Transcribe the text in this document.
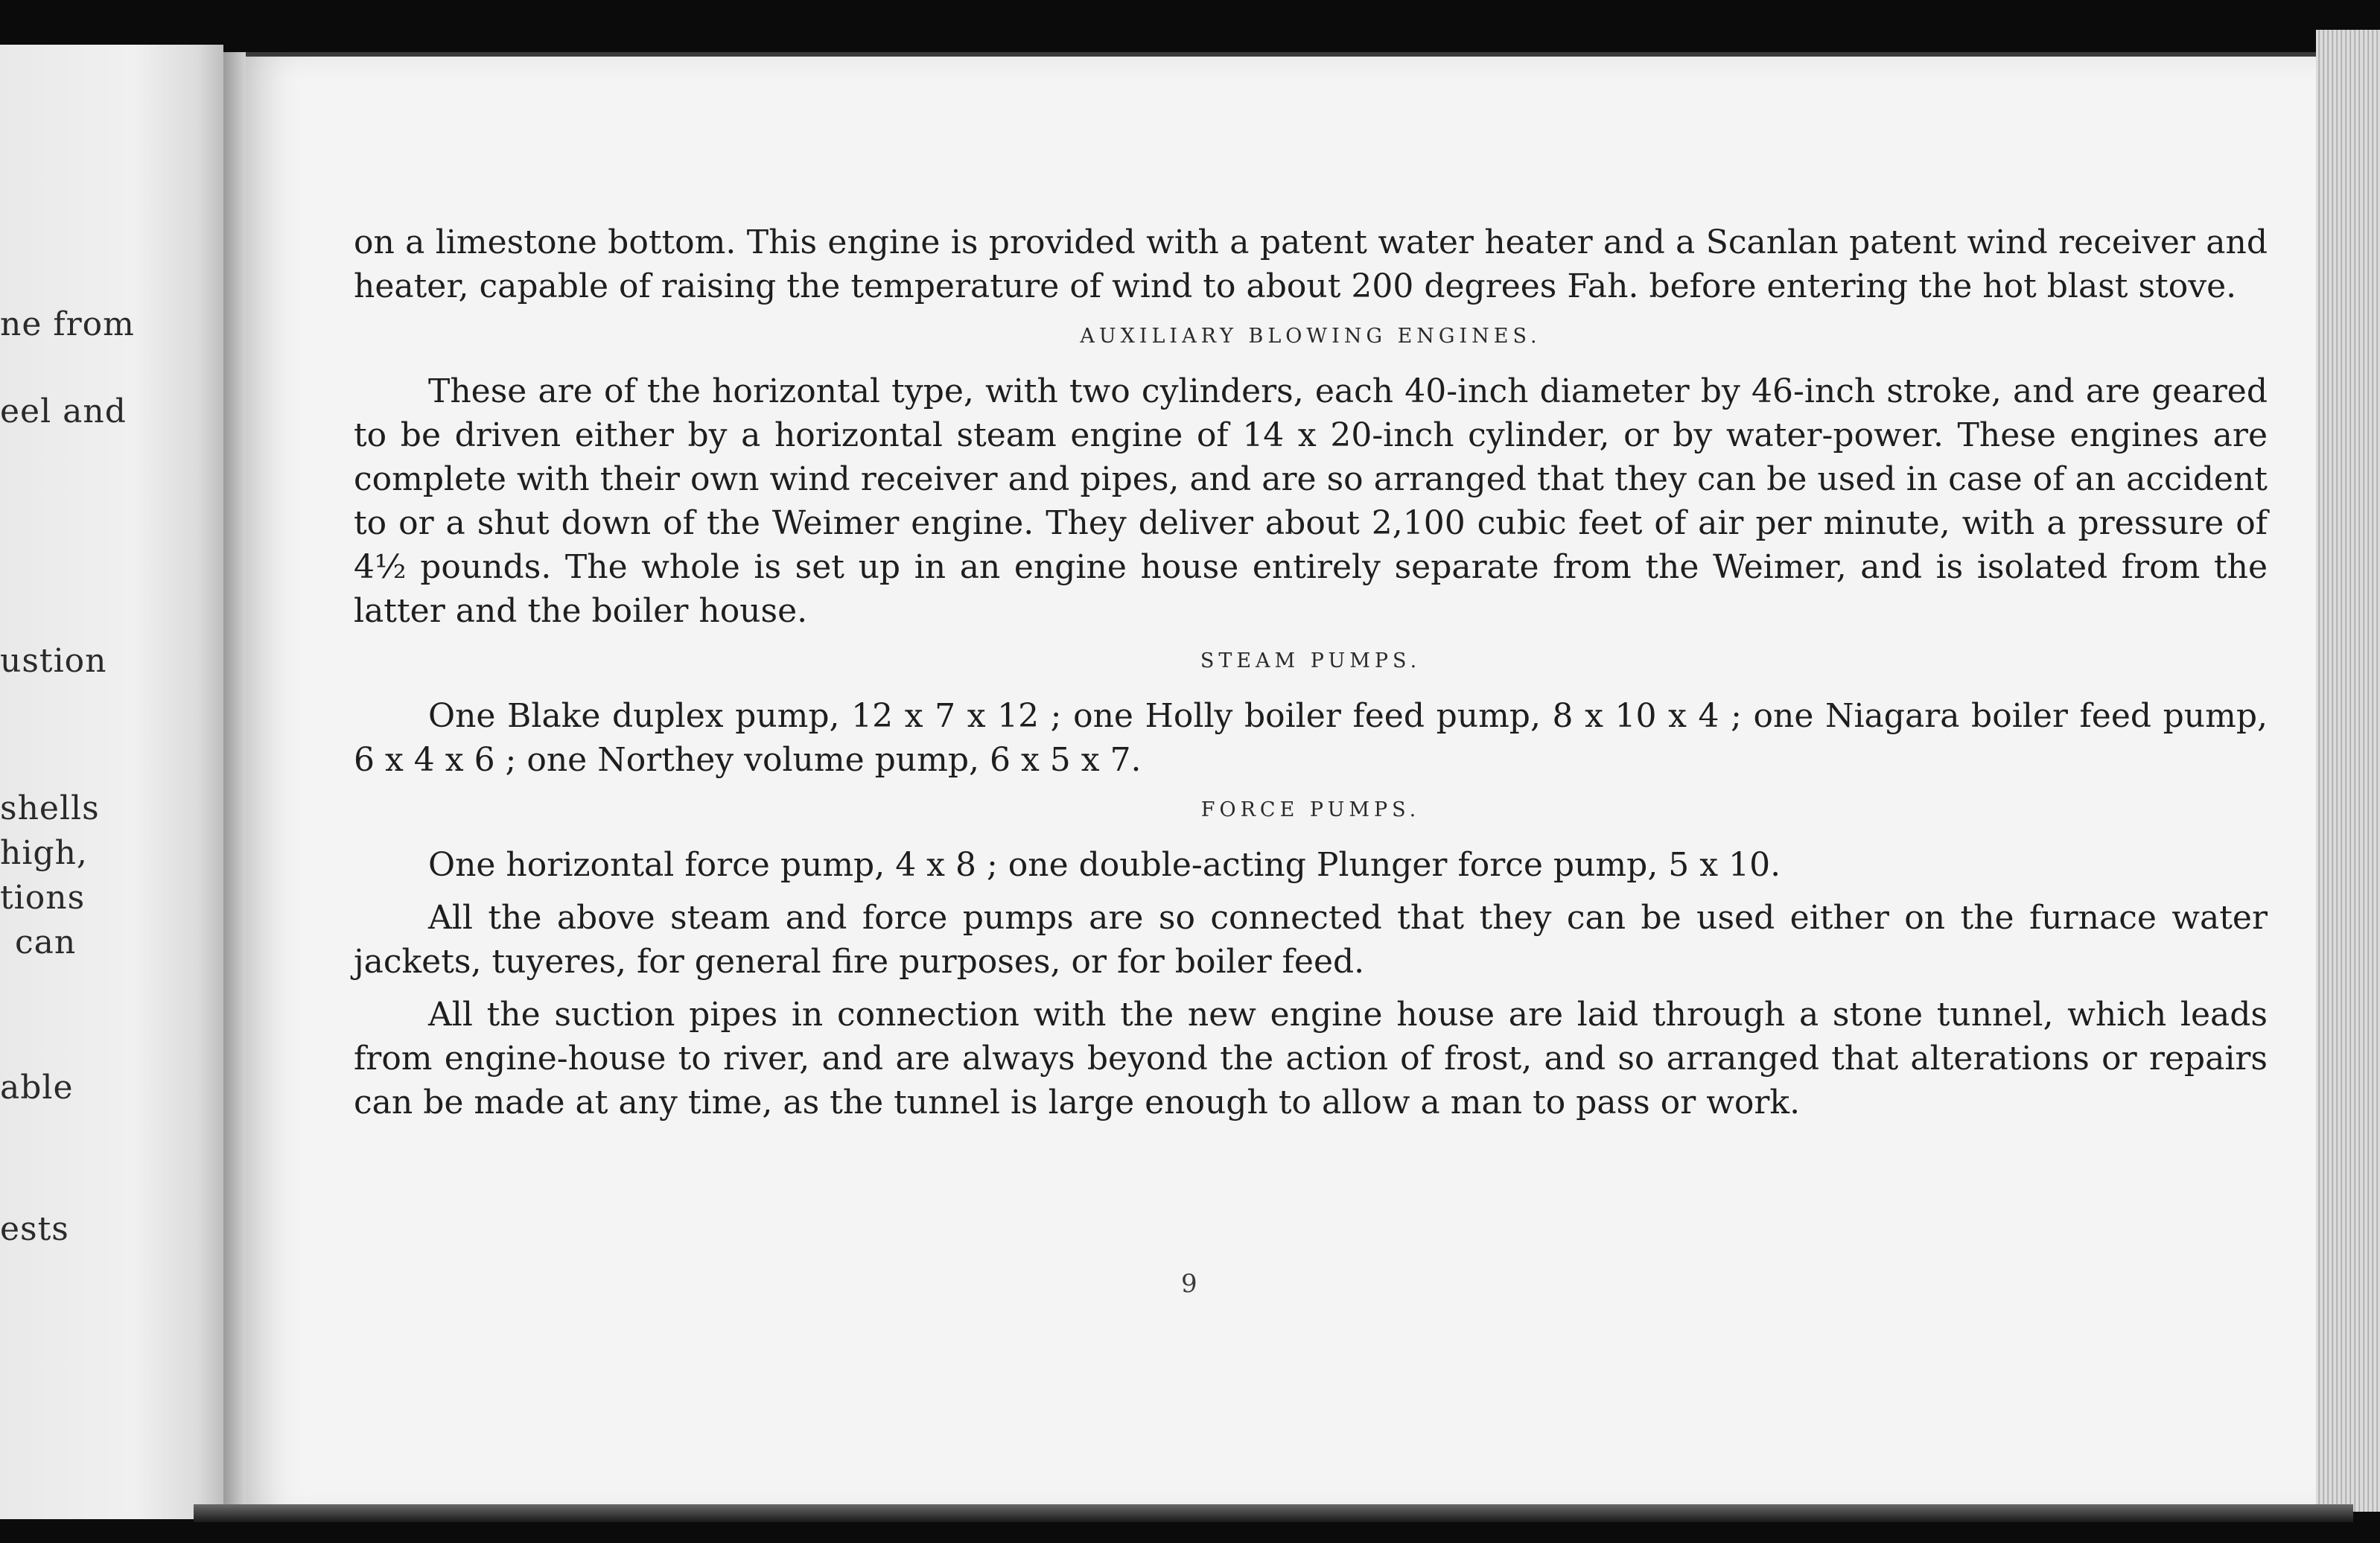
ne from

eel and

ustion

shells

high,

tions

can

able

ests

on a limestone bottom. This engine is provided with a patent water heater and a Scanlan patent wind receiver and heater, capable of raising the temperature of wind to about 200 degrees Fah. before entering the hot blast stove.

AUXILIARY BLOWING ENGINES.

These are of the horizontal type, with two cylinders, each 40-inch diameter by 46-inch stroke, and are geared to be driven either by a horizontal steam engine of 14 x 20-inch cylinder, or by water-power. These engines are complete with their own wind receiver and pipes, and are so arranged that they can be used in case of an accident to or a shut down of the Weimer engine. They deliver about 2,100 cubic feet of air per minute, with a pressure of 4½ pounds. The whole is set up in an engine house entirely separate from the Weimer, and is isolated from the latter and the boiler house.

STEAM PUMPS.

One Blake duplex pump, 12 x 7 x 12 ; one Holly boiler feed pump, 8 x 10 x 4 ; one Niagara boiler feed pump, 6 x 4 x 6 ; one Northey volume pump, 6 x 5 x 7.

FORCE PUMPS.

One horizontal force pump, 4 x 8 ; one double-acting Plunger force pump, 5 x 10.

All the above steam and force pumps are so connected that they can be used either on the furnace water jackets, tuyeres, for general fire purposes, or for boiler feed.

All the suction pipes in connection with the new engine house are laid through a stone tunnel, which leads from engine-house to river, and are always beyond the action of frost, and so arranged that alterations or repairs can be made at any time, as the tunnel is large enough to allow a man to pass or work.

9
